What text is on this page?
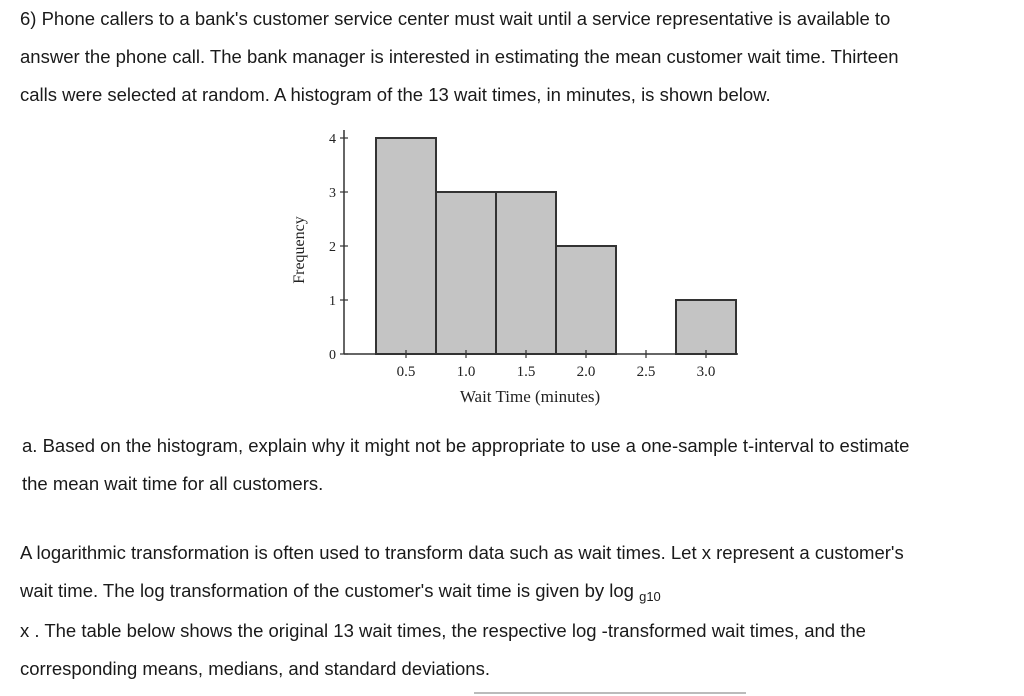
6) Phone callers to a bank's customer service center must wait until a service representative is available to
answer the phone call. The bank manager is interested in estimating the mean customer wait time. Thirteen
calls were selected at random. A histogram of the 13 wait times, in minutes, is shown below.
0
1
2
3
4
0.5	1.0	1.5	2.0	2.5	3.0
Wait Time (minutes)
Frequency
a. Based on the histogram, explain why it might not be appropriate to use a one-sample t-interval to estimate
the mean wait time for all customers.
A logarithmic transformation is often used to transform data such as wait times. Let x represent a customer's
wait time. The log transformation of the customer's wait time is given by log $_{g10}$
x . The table below shows the original 13 wait times, the respective log -transformed wait times, and the
corresponding means, medians, and standard deviations.
